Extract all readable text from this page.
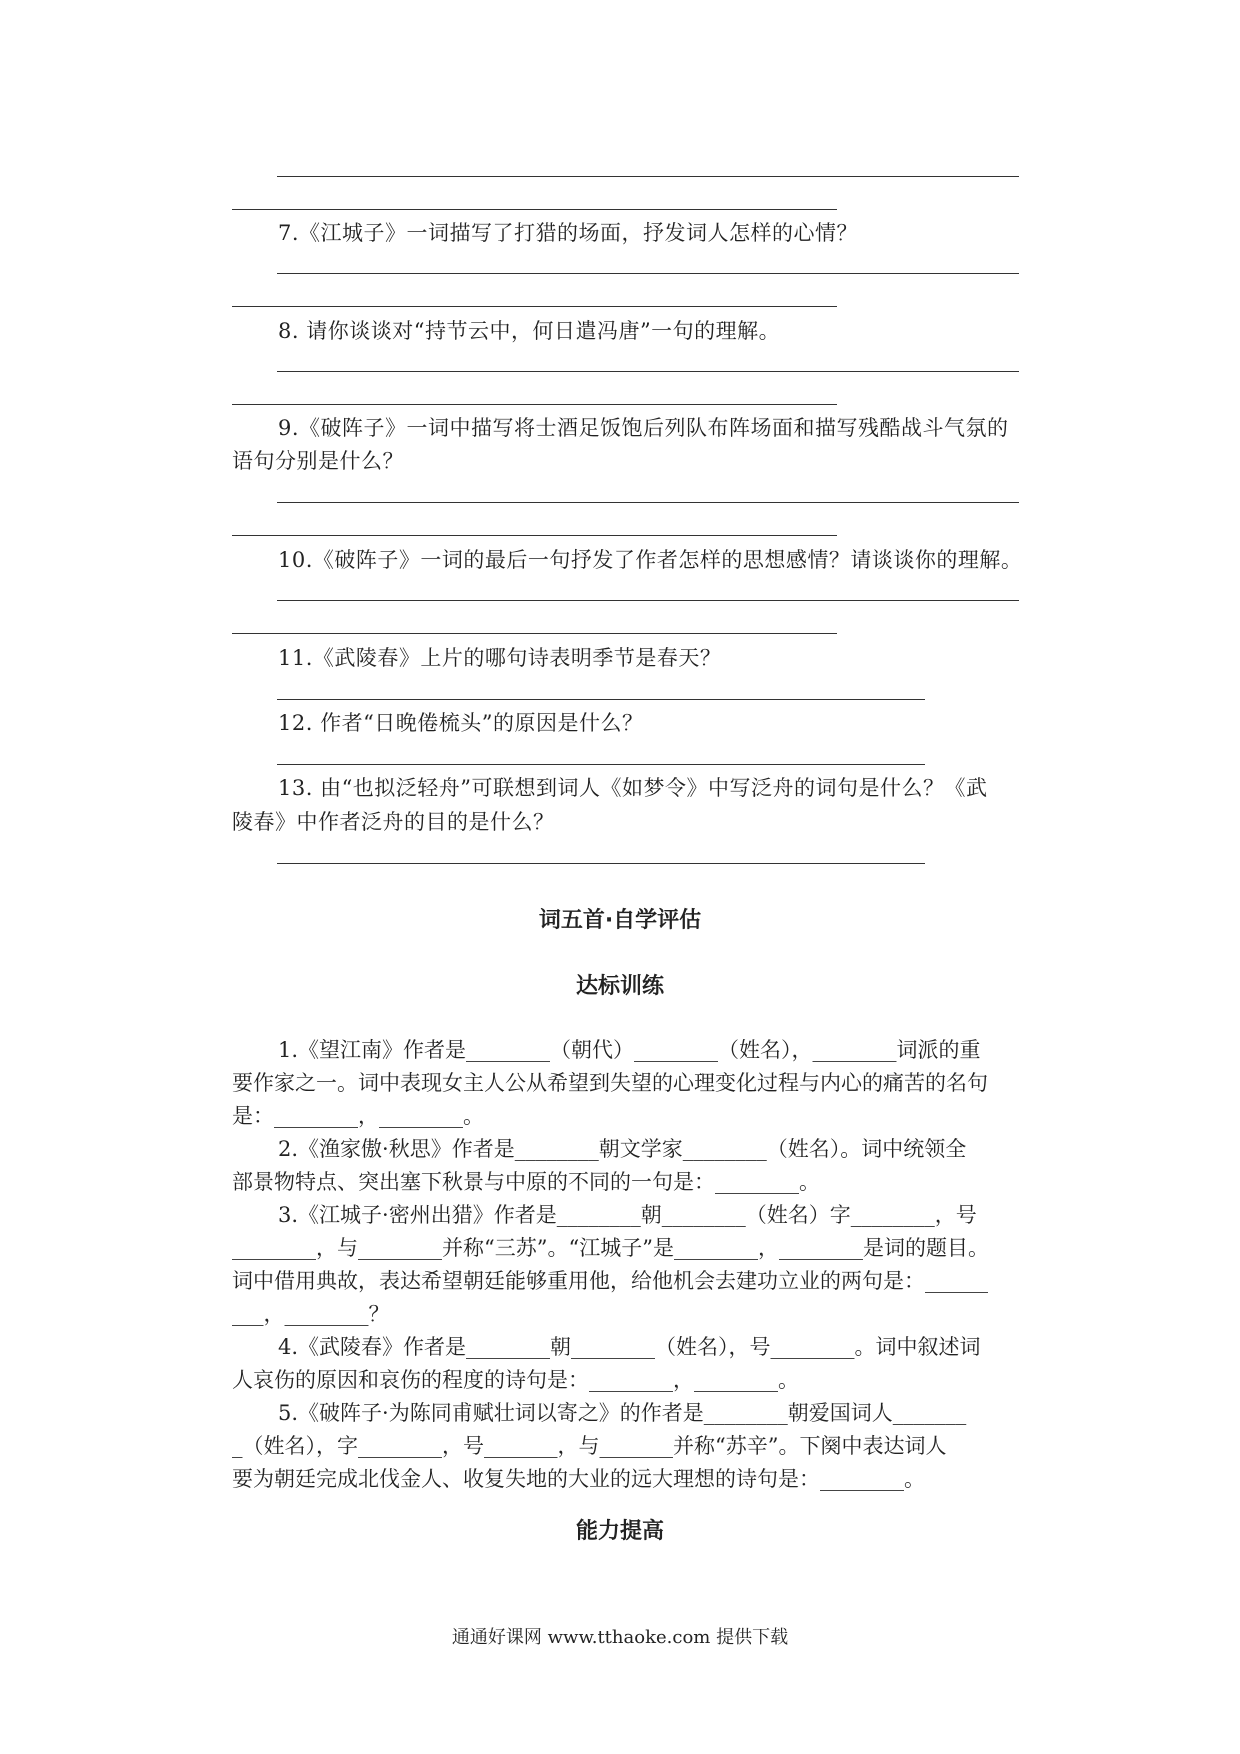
7.《江城子》一词描写了打猎的场面，抒发词人怎样的心情？
8. 请你谈谈对“持节云中，何日遣冯唐”一句的理解。
9.《破阵子》一词中描写将士酒足饭饱后列队布阵场面和描写残酷战斗气氛的
语句分别是什么？
10.《破阵子》一词的最后一句抒发了作者怎样的思想感情？请谈谈你的理解。
11.《武陵春》上片的哪句诗表明季节是春天？
12. 作者“日晚倦梳头”的原因是什么？
13. 由“也拟泛轻舟”可联想到词人《如梦令》中写泛舟的词句是什么？《武
陵春》中作者泛舟的目的是什么？
词五首·自学评估
达标训练
1.《望江南》作者是________（朝代）________（姓名），________词派的重
要作家之一。词中表现女主人公从希望到失望的心理变化过程与内心的痛苦的名句
是：________，________。
2.《渔家傲·秋思》作者是________朝文学家________（姓名）。词中统领全
部景物特点、突出塞下秋景与中原的不同的一句是：________。
3.《江城子·密州出猎》作者是________朝________（姓名）字________，号
________，与________并称“三苏”。“江城子”是________，________是词的题目。
词中借用典故，表达希望朝廷能够重用他，给他机会去建功立业的两句是：______
___，________？
4.《武陵春》作者是________朝________（姓名），号________。词中叙述词
人哀伤的原因和哀伤的程度的诗句是：________，________。
5.《破阵子·为陈同甫赋壮词以寄之》的作者是________朝爱国词人_______
_（姓名），字________，号_______，与_______并称“苏辛”。下阕中表达词人
要为朝廷完成北伐金人、收复失地的大业的远大理想的诗句是：________。
能力提高
通通好课网 www.tthaoke.com 提供下载
